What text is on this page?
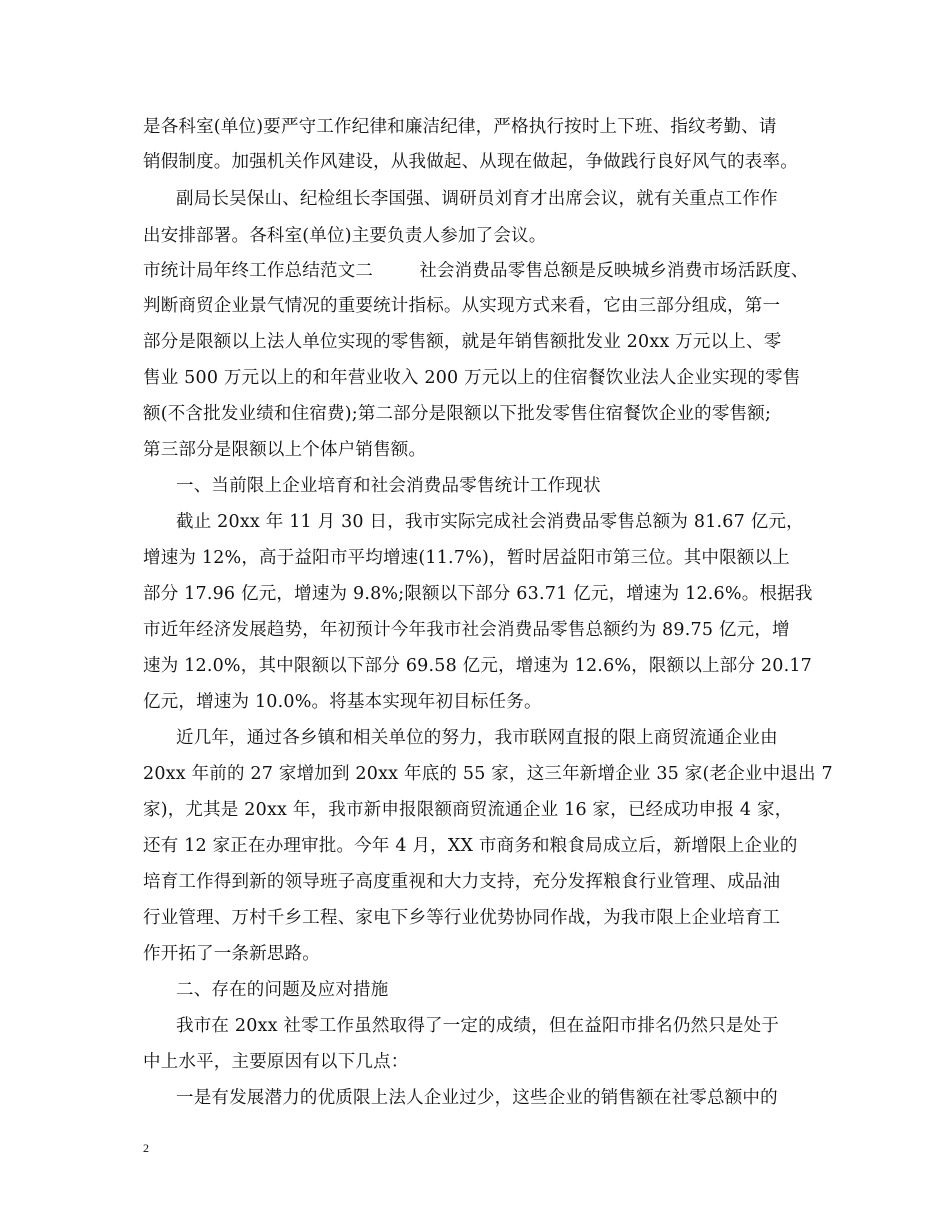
是各科室(单位)要严守工作纪律和廉洁纪律，严格执行按时上下班、指纹考勤、请
销假制度。加强机关作风建设，从我做起、从现在做起，争做践行良好风气的表率。
副局长吴保山、纪检组长李国强、调研员刘育才出席会议，就有关重点工作作
出安排部署。各科室(单位)主要负责人参加了会议。
市统计局年终工作总结范文二        社会消费品零售总额是反映城乡消费市场活跃度、
判断商贸企业景气情况的重要统计指标。从实现方式来看，它由三部分组成，第一
部分是限额以上法人单位实现的零售额，就是年销售额批发业 20xx 万元以上、零
售业 500 万元以上的和年营业收入 200 万元以上的住宿餐饮业法人企业实现的零售
额(不含批发业绩和住宿费);第二部分是限额以下批发零售住宿餐饮企业的零售额;
第三部分是限额以上个体户销售额。
一、当前限上企业培育和社会消费品零售统计工作现状
截止 20xx 年 11 月 30 日，我市实际完成社会消费品零售总额为 81.67 亿元，
增速为 12%，高于益阳市平均增速(11.7%)，暂时居益阳市第三位。其中限额以上
部分 17.96 亿元，增速为 9.8%;限额以下部分 63.71 亿元，增速为 12.6%。根据我
市近年经济发展趋势，年初预计今年我市社会消费品零售总额约为 89.75 亿元，增
速为 12.0%，其中限额以下部分 69.58 亿元，增速为 12.6%，限额以上部分 20.17
亿元，增速为 10.0%。将基本实现年初目标任务。
近几年，通过各乡镇和相关单位的努力，我市联网直报的限上商贸流通企业由
20xx 年前的 27 家增加到 20xx 年底的 55 家，这三年新增企业 35 家(老企业中退出 7
家)，尤其是 20xx 年，我市新申报限额商贸流通企业 16 家，已经成功申报 4 家，
还有 12 家正在办理审批。今年 4 月，XX 市商务和粮食局成立后，新增限上企业的
培育工作得到新的领导班子高度重视和大力支持，充分发挥粮食行业管理、成品油
行业管理、万村千乡工程、家电下乡等行业优势协同作战，为我市限上企业培育工
作开拓了一条新思路。
二、存在的问题及应对措施
我市在 20xx 社零工作虽然取得了一定的成绩，但在益阳市排名仍然只是处于
中上水平，主要原因有以下几点：
一是有发展潜力的优质限上法人企业过少，这些企业的销售额在社零总额中的
2
